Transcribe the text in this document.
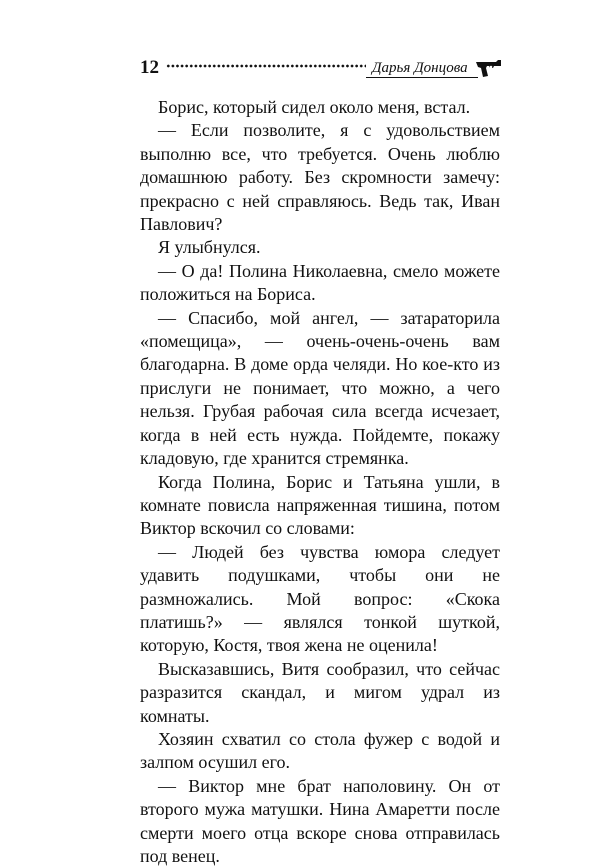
12	Дарья Донцова

Борис, который сидел около меня, встал.

— Если позволите, я с удовольствием выполню все, что требуется. Очень люблю домашнюю работу. Без скромности замечу: прекрасно с ней справляюсь. Ведь так, Иван Павлович?

Я улыбнулся.

— О да! Полина Николаевна, смело можете положиться на Бориса.

— Спасибо, мой ангел, — затараторила «помещица», — очень-очень-очень вам благодарна. В доме орда челяди. Но кое-кто из прислуги не понимает, что можно, а чего нельзя. Грубая рабочая сила всегда исчезает, когда в ней есть нужда. Пойдемте, покажу кладовую, где хранится стремянка.

Когда Полина, Борис и Татьяна ушли, в комнате повисла напряженная тишина, потом Виктор вскочил со словами:

— Людей без чувства юмора следует удавить подушками, чтобы они не размножались. Мой вопрос: «Скока платишь?» — являлся тонкой шуткой, которую, Костя, твоя жена не оценила!

Высказавшись, Витя сообразил, что сейчас разразится скандал, и мигом удрал из комнаты.

Хозяин схватил со стола фужер с водой и залпом осушил его.

— Виктор мне брат наполовину. Он от второго мужа матушки. Нина Амаретти после смерти моего отца вскоре снова отправилась под венец.
